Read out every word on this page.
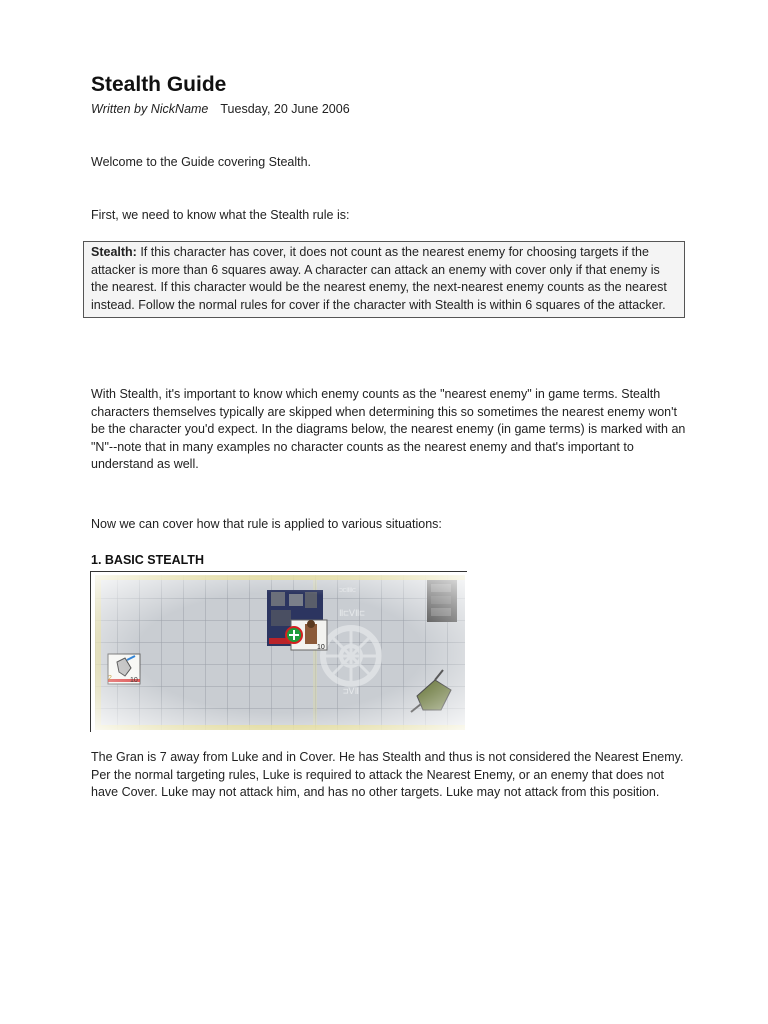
Stealth Guide
Written by NickName Tuesday, 20 June 2006

Welcome to the Guide covering Stealth.

First, we need to know what the Stealth rule is:

Stealth: If this character has cover, it does not count as the nearest enemy for choosing targets if the attacker is more than 6 squares away. A character can attack an enemy with cover only if that enemy is the nearest. If this character would be the nearest enemy, the next-nearest enemy counts as the nearest instead. Follow the normal rules for cover if the character with Stealth is within 6 squares of the attacker.

With Stealth, it's important to know which enemy counts as the "nearest enemy" in game terms. Stealth characters themselves typically are skipped when determining this so sometimes the nearest enemy won't be the character you'd expect. In the diagrams below, the nearest enemy (in game terms) is marked with an "N"--note that in many examples no character counts as the nearest enemy and that's important to understand as well.

Now we can cover how that rule is applied to various situations:

1. BASIC STEALTH

The Gran is 7 away from Luke and in Cover. He has Stealth and thus is not considered the Nearest Enemy. Per the normal targeting rules, Luke is required to attack the Nearest Enemy, or an enemy that does not have Cover. Luke may not attack him, and has no other targets. Luke may not attack from this position.
